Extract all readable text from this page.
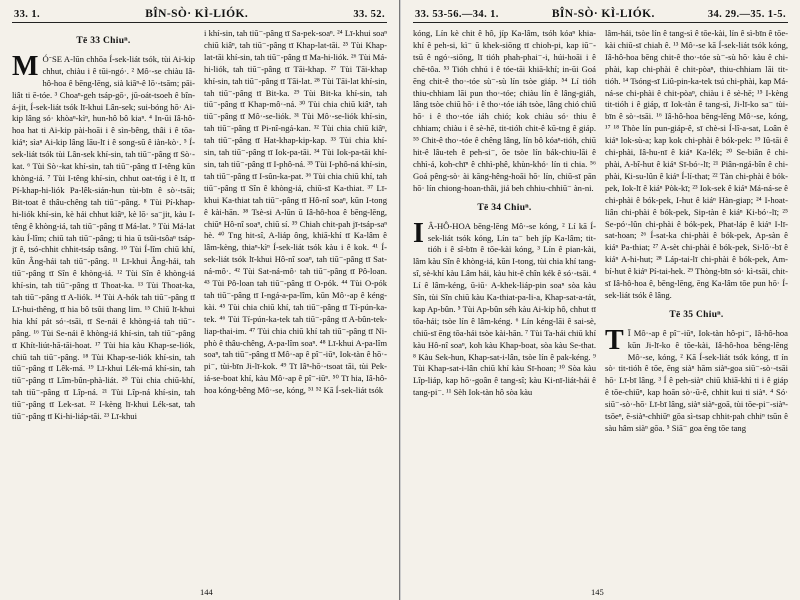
33. 1.	BÎN-SÒ· KÌ-LIÓK.	33. 52.
Tē 33 Chiuⁿ.

MÓᐨSE A-lūn chhōa Í-sek-liát tsók, tùi Ai-kip chhut, chiàu i ê tūi-ngó·. ² Mô·-se chiàu Iâ-hô-hoa ê bēng-lēng, sià kiāⁿ-ê lō·-tsām; pāi-liât ti ē-tóe. ³ Choaⁿ-geh tsáp-gō·, jū-oát-tsoeh ê bîn-á-jit, Í-sek-liát tsók lī-khui Lân-sek; sui-bóng hō· Ai-kip lâng só· khòaⁿ-kìⁿ, hun-hô bô kiaⁿ. ⁴ In-ūi Iâ-hô-hoa hat ti Ai-kip pài-hoāi i ê sìn-bêng, thâi i ê tōa-kiáⁿ; sìaⁿ Ai-kip lâng lāu-lī i ê song-sū ê iàn-kò·. ⁵ Í-sek-liát tsók tùi Lân-sek khí-sin, tah tiū⁻-pâng tī Sò·-kat. ⁶ Tùi Sò·-kat khí-sin, tah tiū⁻-pâng tī I-têng kūn khòng-iá. ⁷ Tùi I-têng khí-sin, chhut oat-tńg i ê lī, tī Pí-khap-hi-liók Pa-lêk-sián-hun tùi-bīn ê sò·-tsāi; Bit-toat ê thâu-chêng tah tiū⁻-pâng. ⁸ Tùi Pí-khap-hi-liók khí-sin, kè hái chhut kiâⁿ, kè lō· sa⁻jit, kàu I-têng ê khòng-iá, tah tiū⁻-pâng tī Má-lat. ⁹ Tùi Má-lat kàu Í-lîm; chiū tah tiū⁻-pâng; ti hia ū tsûi-tsôaⁿ tsáp-jī ê, tsó-chhit chhit-tsáp tsâng. ¹⁰ Tùi Í-lîm chiū khí, kūn Âng-hái tah tiū⁻-pâng. ¹¹ Lī-khui Âng-hái, tah tiū⁻-pâng tī Sîn ê khòng-iá. ¹² Tùi Sîn ê khòng-iá khí-sin, tah tiū⁻-pâng tī Thoat-ka. ¹³ Tùi Thoat-ka, tah tiū⁻-pâng tī A-liók. ¹⁴ Tùi A-hók tah tiū⁻-pâng tī Lī-hui-thêng, tī hia bô tsûi thang lim. ¹⁵ Chiū lī-khui hia khí pát só·-tsāi, tī Se-nái ê khòng-iá tah tiū⁻-pâng. ¹⁶ Tùi Se-nái ê khòng-iá khí-sin, tah tiū⁻-pâng tī Khít-liút-hā-tāi-hoat. ¹⁷ Tùi hia kàu Khap-se-liók, chiū tah tiū⁻-pâng. ¹⁸ Tùi Khap-se-liók khí-sin, tah tiū⁻-pâng tī Lêk-má. ¹⁹ Lī-khui Lék-má khí-sin, tah tiū⁻-pâng tī Lîm-bûn-phà-liát. ²⁰ Tùi chia chiū-khí, tah tiū⁻-pâng tī Lîp-ná. ²¹ Tùi Lîp-ná khí-sin, tah tiū⁻-pâng tī Lek-sat. ²² I-kèng lī-khui Lék-sat, tah tiū⁻-pâng tī Ki-hi-liáp-tāi. ²³ Lī-khui

i khí-sin, tah tiū⁻-pâng tī Sa-pek-soaⁿ. ²⁴ Lī-khui soaⁿ chiū kiâⁿ, tah tiū⁻-pâng tī Khap-lat-tāi. ²⁵ Tùi Khap-lat-tāi khí-sin, tah tiū⁻-pâng tī Ma-hi-liók. ²⁶ Tùi Má-hi-liók, tah tiū⁻-pâng tī Tāi-khap. ²⁷ Tùi Tāi-khap khí-sin, tah tiū⁻-pâng tī Tāi-lat. ²⁸ Tùi Tāi-lat khí-sin, tah tiū⁻-pâng tī Bit-ka. ²⁹ Tùi Bit-ka khí-sin, tah tiū⁻-pâng tī Khap-mô·-ná. ³⁰ Tùi chia chiū kiâⁿ, tah tiū⁻-pâng tī Mô·-se-liók. ³¹ Tùi Mô·-se-liók khí-sin, tah tiū⁻-pâng tī Pi-nî-ngá-kan. ³² Tùi chia chiū kiâⁿ, tah tiū⁻-pâng tī Hat-khap-kip-kap. ³³ Tùi chia khí-sin, tah tiū⁻-pâng tī Iok-pa-tāi. ³⁴ Tùi Iok-pa-tāi khí-sin, tah tiū⁻-pâng tī I-phô-ná. ³⁵ Tùi I-phô-ná khí-sin, tah tiū⁻-pâng tī I-sûn-ka-pat. ³⁶ Tùi chia chiū khí, tah tiū⁻-pâng tī Sîn ê khòng-iá, chiū-sī Ka-thiat. ³⁷ Lī-khui Ka-thiat tah tiū⁻-pâng tī Hô-nî soaⁿ, kūn I-tong ê kài-hān. ³⁸ Tsè-si A-lūn ū Iâ-hô-hoa ê bēng-lēng, chiūⁿ Hô-nî soaⁿ, chiū sí. ³⁹ Chiah chit-pah jī-tsáp-saⁿ hè. ⁴⁰ Tng hit-sî, A-liáp ông, khiā-khí tī Ka-lâm ê lâm-kèng, thiaⁿ-kìⁿ Í-sek-liát tsók kàu i ê kok. ⁴¹ Í-sek-liát tsók lī-khui Hô-nî soaⁿ, tah tiū⁻-pâng tī Sat-ná-mô·. ⁴² Tùi Sat-ná-mô· tah tiū⁻-pâng tī Pô-loan. ⁴³ Tùi Pô-loan tah tiū⁻-pâng tī O-pók. ⁴⁴ Tùi O-pók tah tiū⁻-pâng tī I-ngá-a-pa-lîm, kūn Mô·-ap ê kéng-kài. ⁴⁵ Tùi chia chiū khí, tah tiū⁻-pâng tī Tí-pún-ka-tek. ⁴⁶ Tùi Tí-pún-ka-tek tah tiū⁻-pâng tī A-bûn-tek-liap-thai-im. ⁴⁷ Tùi chia chiū khí tah tiū⁻-pâng tī Ni-phò ê thâu-chêng, A-pa-lîm soaⁿ. ⁴⁸ Lī-khui A-pa-lîm soaⁿ, tah tiū⁻-pâng tī Mô·-ap ê pî⁻-iūⁿ, Iok-tàn ê hō·-pi⁻, tùi-bīn Ji-lī-kok. ⁴⁹ Tī Iâⁿ-hō·-tsoat tāi, tùi Pek-iá-se-boat khí, kàu Mô·-ap ê pî⁻-iūⁿ. ⁵⁰ Tī hia, Iâ-hô-hoa kóng-bêng Mô·-se, kóng, ⁵¹ ⁵² Kā Í-sek-liát tsók

144
33. 53-56.—34. 1.	BÎN-SÒ· KÌ-LIÓK.	34. 29.—35. 1-5.

kóng, Lín kè chit ê hô, jíp Ka-lâm, tsóh kóaⁿ khia-khí ê peh-si, kì⁻ ū khek-siōng tī chioh-pi, kap iū⁻-tsū ê ngó·-siōng, lī tióh phah-phai⁻-i, húi-hoāi i ê chē-tôa. ⁵³ Tióh chhú i ê tóe-tāi khiā-khí; in-ūi Goá ēng chit-ê tho·-tóe sù⁻-sù lín tsòe giáp. ⁵⁴ Lí tióh thiu-chhiam lāi pun tho·-tóe; chiàu lín ê lâng-giáh, lâng tsòe chiū hō· i ê tho·-tóe iáh tsòe, lâng chió chiū hō· i ê tho·-tóe iáh chió; kok chiàu só· thiu ê chhiam; chiàu i ê sè-hē, tit-tióh chit-ê kū-tng ê giáp. ⁵⁵ Chit-ê tho·-tóe ê chêng lâng, lín bô kóaⁿ-tióh, chiū hit-ê lâu-teh ê peh-si⁻, ōe tsòe lín bák-chiu-lāi ê chhì-á, koh-chīⁿ ê chhì-phê, khùn-khó· lín ti chia. ⁵⁶ Goá pêng-sò· ài kāng-hêng-hoāi hō· lín, chiū-sī pān hō· lín chiong-hoan-thâi, jiá beh chhiu-chhiū⁻ àn-ni.

Tē 34 Chiuⁿ.

I Â-HÔ-HOA bēng-lēng Mô·-se kóng, ² Lí kā Í-sek-liát tsók kóng, Lín ta⁻ beh jíp Ka-lâm; tit-tióh i ê sî-bīn ê tōe-kài kóng, ³ Lín ê pian-kài, lâm kàu Sîn ê khòng-iá, kūn I-tong, tùi chia khí tang-sî, sè-khí kàu Lâm hái, kàu hit-ê chîn kék ê só·-tsāi. ⁴ Lí ê lâm-kéng, ū-iū· A-khek-liáp-pin soaⁿ sòa kàu Sîn, tùi Sîn chiū kàu Ka-thiat-pa-li-a, Khap-sat-a-tát, kap Ap-bûn. ⁵ Tùi Ap-bûn séh kàu Ai-kip hô, chhut tī tōa-hái; tsòe lín ê lâm-kéng. ⁶ Lín kéng-lāi ê sai-sè, chiū-sī ēng tōa-hái tsòe kài-hān. ⁷ Tùi Ta-hái chiū khí kàu Hô-nî soaⁿ, koh kàu Khap-boat, sòa kàu Se-that. ⁸ Kàu Sek-hun, Khap-sat-i-lân, tsòe lín ê pak-kéng. ⁹ Tùi Khap-sat-i-lân chiū khí kàu Sī-hoan; ¹⁰ Sòa kàu Lîp-liáp, kap hō·-goân ê tang-sî; kàu Ki-nī-liát-hái ê tang-pi⁻. ¹¹ Sèh Iok-tàn hô sòa kàu

lâm-hái, tsòe lín ê tang-sì ê tōe-kài, lín ê sì-bīn ê tōe-kài chiū-sī chiah ê. ¹³ Mô·-se kā Í-sek-liát tsók kóng, Iâ-hô-hoa bēng chit-ê tho·-tóe sù⁻-sù hō· kàu ê chi-phài, kap chi-phài ê chit-pòaⁿ, thiu-chhiam lāi tit-tióh. ¹⁴ Tsóng-sī Liû-pin-ka-tek tsú chi-phài, kap Má-ná-se chi-phài ê chit-pòaⁿ, chiàu i ê sè-hē; ¹⁵ I-kèng tit-tióh i ê giáp, tī Iok-tàn ê tang-sì, Ji-lī-ko sa⁻ tùi-bīn ê sò·-tsāi. ¹⁶ Iâ-hô-hoa bēng-lēng Mô·-se, kóng, ¹⁷ ¹⁸ Thòe lín pun-giáp-ê, sī chè-si Í-lî-a-sat, Loân ê kiáⁿ lok-sù-a; kap kok chi-phài ê bók-pek: ¹⁹ Iû-tāi ê chi-phài, Iâ-hu-nī ê kiáⁿ Ka-lék; ²⁰ Se-biân ê chi-phài, A-bî-hut ê kiáⁿ Sī-bó·-lī; ²¹ Piân-ngá-bîn ê chi-phài, Ki-su-lûn ê kiáⁿ Í-lí-that; ²² Tàn chi-phài ê bók-pek, Iok-lī ê kiáⁿ Pòk-kī; ²³ Iok-sek ê kiáⁿ Má-ná-se ê chi-phài ê bók-pek, I-hut ê kiáⁿ Hàn-giap; ²⁴ I-hoat-liân chi-phài ê bók-pek, Sip-tàn ê kiáⁿ Ki-bó·-lī; ²⁵ Se-pó·-lûn chi-phài ê bók-pek, Phat-láp ê kiáⁿ I-lī-sat-hoan; ²⁶ Í-sat-ka chi-phài ê bók-pek, Ap-sàn ê kiáⁿ Pa-thiat; ²⁷ A-sèt chi-phài ê bók-pek, Si-lō·-bī ê kiáⁿ A-hi-hut; ²⁸ Láp-tai-lī chi-phài ê bók-pek, Am-bí-hut ê kiáⁿ Pí-tai-hek. ²⁹ Thòng-bīn só· kì-tsāi, chit-sī Iâ-hô-hoa ê, bēng-lēng, ēng Ka-lâm tōe pun hō· Í-sek-liát tsók ê lâng.

Tē 35 Chiuⁿ.

T Ī Mô·-ap ê pî⁻-iūⁿ, Iok-tàn hô-pi⁻, Iâ-hô-hoa kūn Ji-lī-ko ê tōe-kài, Iâ-hô-hoa bēng-lēng Mô·-se, kóng, ² Kā Í-sek-liát tsók kóng, tī ín sò· tit-tióh ê tōe, ēng siàⁿ hām siàⁿ-goa siū⁻-sò·-tsāi hō· Lī-bī lâng. ³ Í ê peh-siàⁿ chiū khiā-khì ti i ê giáp ê tōe-chiūⁿ, kap hoān sò·-ū-ê, chhit kui ti siàⁿ. ⁴ Só· siū⁻-sò·-hō· Lī-bī lâng, siàⁿ siàⁿ-goā, tùi tōe-pi⁻-siàⁿ-tsōeⁿ, ē-siàⁿ-chhiūⁿ gōa sì-tsap chhit-pah chhiⁿ tsūn ê sàu hâm siàⁿ gōa. ⁵ Siā⁻ goa ēng tōe tang

145
